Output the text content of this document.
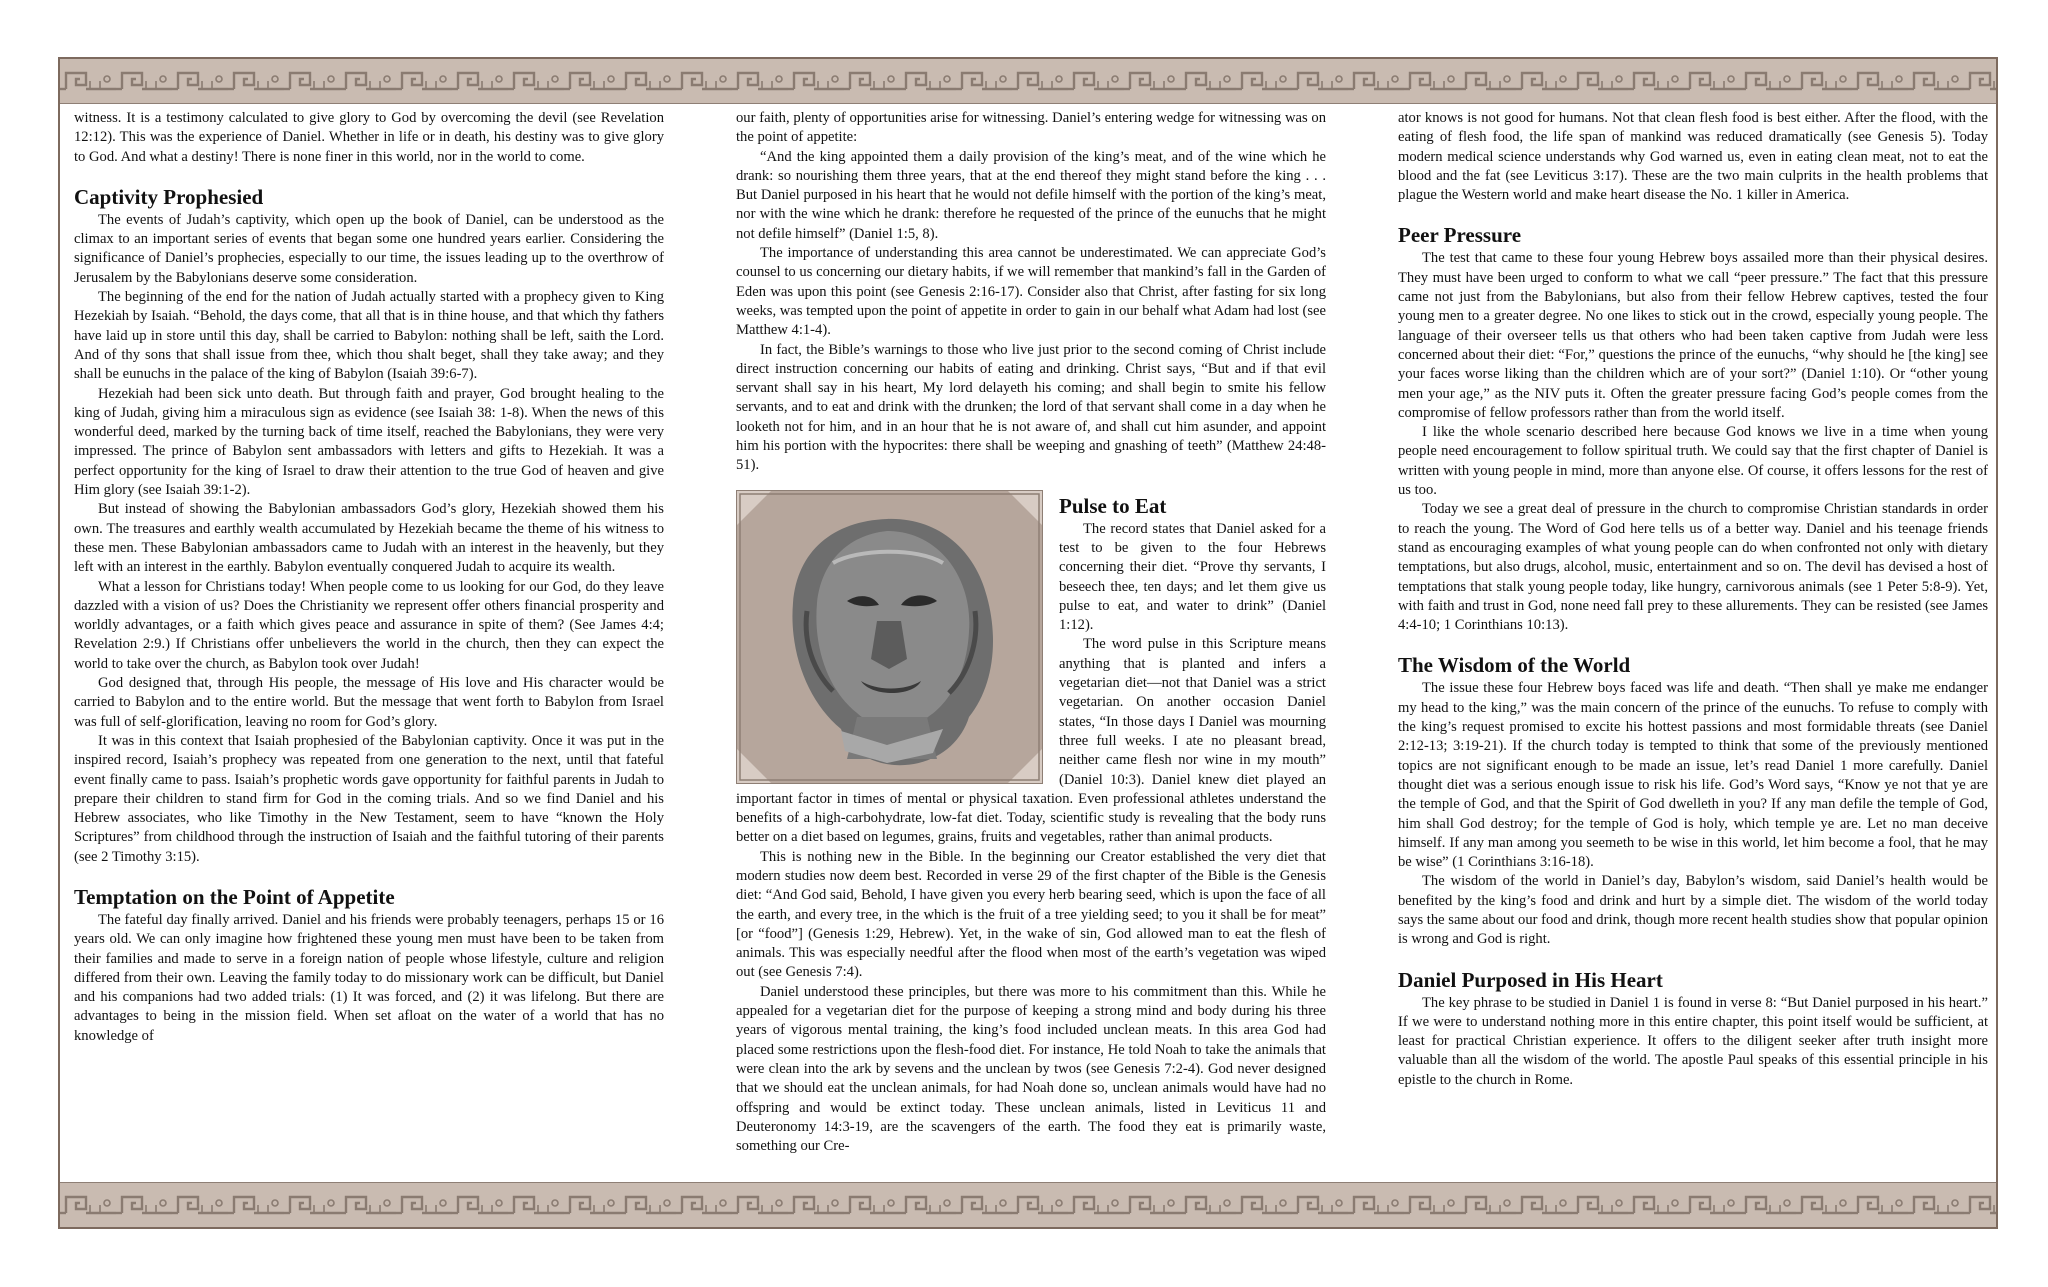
witness. It is a testimony calculated to give glory to God by overcoming the devil (see Revelation 12:12). This was the experience of Daniel. Whether in life or in death, his destiny was to give glory to God. And what a destiny! There is none finer in this world, nor in the world to come.

Captivity Prophesied

The events of Judah’s captivity, which open up the book of Daniel, can be understood as the climax to an important series of events that began some one hundred years earlier. Considering the significance of Daniel’s prophecies, especially to our time, the issues leading up to the overthrow of Jerusalem by the Babylonians deserve some consideration.

The beginning of the end for the nation of Judah actually started with a prophecy given to King Hezekiah by Isaiah. “Behold, the days come, that all that is in thine house, and that which thy fathers have laid up in store until this day, shall be carried to Babylon: nothing shall be left, saith the Lord. And of thy sons that shall issue from thee, which thou shalt beget, shall they take away; and they shall be eunuchs in the palace of the king of Babylon (Isaiah 39:6-7).

Hezekiah had been sick unto death. But through faith and prayer, God brought healing to the king of Judah, giving him a miraculous sign as evidence (see Isaiah 38: 1-8). When the news of this wonderful deed, marked by the turning back of time itself, reached the Babylonians, they were very impressed. The prince of Babylon sent ambassadors with letters and gifts to Hezekiah. It was a perfect opportunity for the king of Israel to draw their attention to the true God of heaven and give Him glory (see Isaiah 39:1-2).

But instead of showing the Babylonian ambassadors God’s glory, Hezekiah showed them his own. The treasures and earthly wealth accumulated by Hezekiah became the theme of his witness to these men. These Babylonian ambassadors came to Judah with an interest in the heavenly, but they left with an interest in the earthly. Babylon eventually conquered Judah to acquire its wealth.

What a lesson for Christians today! When people come to us looking for our God, do they leave dazzled with a vision of us? Does the Christianity we represent offer others financial prosperity and worldly advantages, or a faith which gives peace and assurance in spite of them? (See James 4:4; Revelation 2:9.) If Christians offer unbelievers the world in the church, then they can expect the world to take over the church, as Babylon took over Judah!

God designed that, through His people, the message of His love and His character would be carried to Babylon and to the entire world. But the message that went forth to Babylon from Israel was full of self-glorification, leaving no room for God’s glory.

It was in this context that Isaiah prophesied of the Babylonian captivity. Once it was put in the inspired record, Isaiah’s prophecy was repeated from one generation to the next, until that fateful event finally came to pass. Isaiah’s prophetic words gave opportunity for faithful parents in Judah to prepare their children to stand firm for God in the coming trials. And so we find Daniel and his Hebrew associates, who like Timothy in the New Testament, seem to have “known the Holy Scriptures” from childhood through the instruction of Isaiah and the faithful tutoring of their parents (see 2 Timothy 3:15).

Temptation on the Point of Appetite

The fateful day finally arrived. Daniel and his friends were probably teenagers, perhaps 15 or 16 years old. We can only imagine how frightened these young men must have been to be taken from their families and made to serve in a foreign nation of people whose lifestyle, culture and religion differed from their own. Leaving the family today to do missionary work can be difficult, but Daniel and his companions had two added trials: (1) It was forced, and (2) it was lifelong. But there are advantages to being in the mission field. When set afloat on the water of a world that has no knowledge of

our faith, plenty of opportunities arise for witnessing. Daniel’s entering wedge for witnessing was on the point of appetite:

“And the king appointed them a daily provision of the king’s meat, and of the wine which he drank: so nourishing them three years, that at the end thereof they might stand before the king . . . But Daniel purposed in his heart that he would not defile himself with the portion of the king’s meat, nor with the wine which he drank: therefore he requested of the prince of the eunuchs that he might not defile himself” (Daniel 1:5, 8).

The importance of understanding this area cannot be underestimated. We can appreciate God’s counsel to us concerning our dietary habits, if we will remember that mankind’s fall in the Garden of Eden was upon this point (see Genesis 2:16-17). Consider also that Christ, after fasting for six long weeks, was tempted upon the point of appetite in order to gain in our behalf what Adam had lost (see Matthew 4:1-4).

In fact, the Bible’s warnings to those who live just prior to the second coming of Christ include direct instruction concerning our habits of eating and drinking. Christ says, “But and if that evil servant shall say in his heart, My lord delayeth his coming; and shall begin to smite his fellow servants, and to eat and drink with the drunken; the lord of that servant shall come in a day when he looketh not for him, and in an hour that he is not aware of, and shall cut him asunder, and appoint him his portion with the hypocrites: there shall be weeping and gnashing of teeth” (Matthew 24:48-51).

Pulse to Eat

The record states that Daniel asked for a test to be given to the four Hebrews concerning their diet. “Prove thy servants, I beseech thee, ten days; and let them give us pulse to eat, and water to drink” (Daniel 1:12).

The word pulse in this Scripture means anything that is planted and infers a vegetarian diet—not that Daniel was a strict vegetarian. On another occasion Daniel states, “In those days I Daniel was mourning three full weeks. I ate no pleasant bread, neither came flesh nor wine in my mouth” (Daniel 10:3). Daniel knew diet played an important factor in times of mental or physical taxation. Even professional athletes understand the benefits of a high-carbohydrate, low-fat diet. Today, scientific study is revealing that the body runs better on a diet based on legumes, grains, fruits and vegetables, rather than animal products.

This is nothing new in the Bible. In the beginning our Creator established the very diet that modern studies now deem best. Recorded in verse 29 of the first chapter of the Bible is the Genesis diet: “And God said, Behold, I have given you every herb bearing seed, which is upon the face of all the earth, and every tree, in the which is the fruit of a tree yielding seed; to you it shall be for meat” [or “food”] (Genesis 1:29, Hebrew). Yet, in the wake of sin, God allowed man to eat the flesh of animals. This was especially needful after the flood when most of the earth’s vegetation was wiped out (see Genesis 7:4).

Daniel understood these principles, but there was more to his commitment than this. While he appealed for a vegetarian diet for the purpose of keeping a strong mind and body during his three years of vigorous mental training, the king’s food included unclean meats. In this area God had placed some restrictions upon the flesh-food diet. For instance, He told Noah to take the animals that were clean into the ark by sevens and the unclean by twos (see Genesis 7:2-4). God never designed that we should eat the unclean animals, for had Noah done so, unclean animals would have had no offspring and would be extinct today. These unclean animals, listed in Leviticus 11 and Deuteronomy 14:3-19, are the scavengers of the earth. The food they eat is primarily waste, something our Cre-

ator knows is not good for humans. Not that clean flesh food is best either. After the flood, with the eating of flesh food, the life span of mankind was reduced dramatically (see Genesis 5). Today modern medical science understands why God warned us, even in eating clean meat, not to eat the blood and the fat (see Leviticus 3:17). These are the two main culprits in the health problems that plague the Western world and make heart disease the No. 1 killer in America.

Peer Pressure

The test that came to these four young Hebrew boys assailed more than their physical desires. They must have been urged to conform to what we call “peer pressure.” The fact that this pressure came not just from the Babylonians, but also from their fellow Hebrew captives, tested the four young men to a greater degree. No one likes to stick out in the crowd, especially young people. The language of their overseer tells us that others who had been taken captive from Judah were less concerned about their diet: “For,” questions the prince of the eunuchs, “why should he [the king] see your faces worse liking than the children which are of your sort?” (Daniel 1:10). Or “other young men your age,” as the NIV puts it. Often the greater pressure facing God’s people comes from the compromise of fellow professors rather than from the world itself.

I like the whole scenario described here because God knows we live in a time when young people need encouragement to follow spiritual truth. We could say that the first chapter of Daniel is written with young people in mind, more than anyone else. Of course, it offers lessons for the rest of us too.

Today we see a great deal of pressure in the church to compromise Christian standards in order to reach the young. The Word of God here tells us of a better way. Daniel and his teenage friends stand as encouraging examples of what young people can do when confronted not only with dietary temptations, but also drugs, alcohol, music, entertainment and so on. The devil has devised a host of temptations that stalk young people today, like hungry, carnivorous animals (see 1 Peter 5:8-9). Yet, with faith and trust in God, none need fall prey to these allurements. They can be resisted (see James 4:4-10; 1 Corinthians 10:13).

The Wisdom of the World

The issue these four Hebrew boys faced was life and death. “Then shall ye make me endanger my head to the king,” was the main concern of the prince of the eunuchs. To refuse to comply with the king’s request promised to excite his hottest passions and most formidable threats (see Daniel 2:12-13; 3:19-21). If the church today is tempted to think that some of the previously mentioned topics are not significant enough to be made an issue, let’s read Daniel 1 more carefully. Daniel thought diet was a serious enough issue to risk his life. God’s Word says, “Know ye not that ye are the temple of God, and that the Spirit of God dwelleth in you? If any man defile the temple of God, him shall God destroy; for the temple of God is holy, which temple ye are. Let no man deceive himself. If any man among you seemeth to be wise in this world, let him become a fool, that he may be wise” (1 Corinthians 3:16-18).

The wisdom of the world in Daniel’s day, Babylon’s wisdom, said Daniel’s health would be benefited by the king’s food and drink and hurt by a simple diet. The wisdom of the world today says the same about our food and drink, though more recent health studies show that popular opinion is wrong and God is right.

Daniel Purposed in His Heart

The key phrase to be studied in Daniel 1 is found in verse 8: “But Daniel purposed in his heart.” If we were to understand nothing more in this entire chapter, this point itself would be sufficient, at least for practical Christian experience. It offers to the diligent seeker after truth insight more valuable than all the wisdom of the world. The apostle Paul speaks of this essential principle in his epistle to the church in Rome.
